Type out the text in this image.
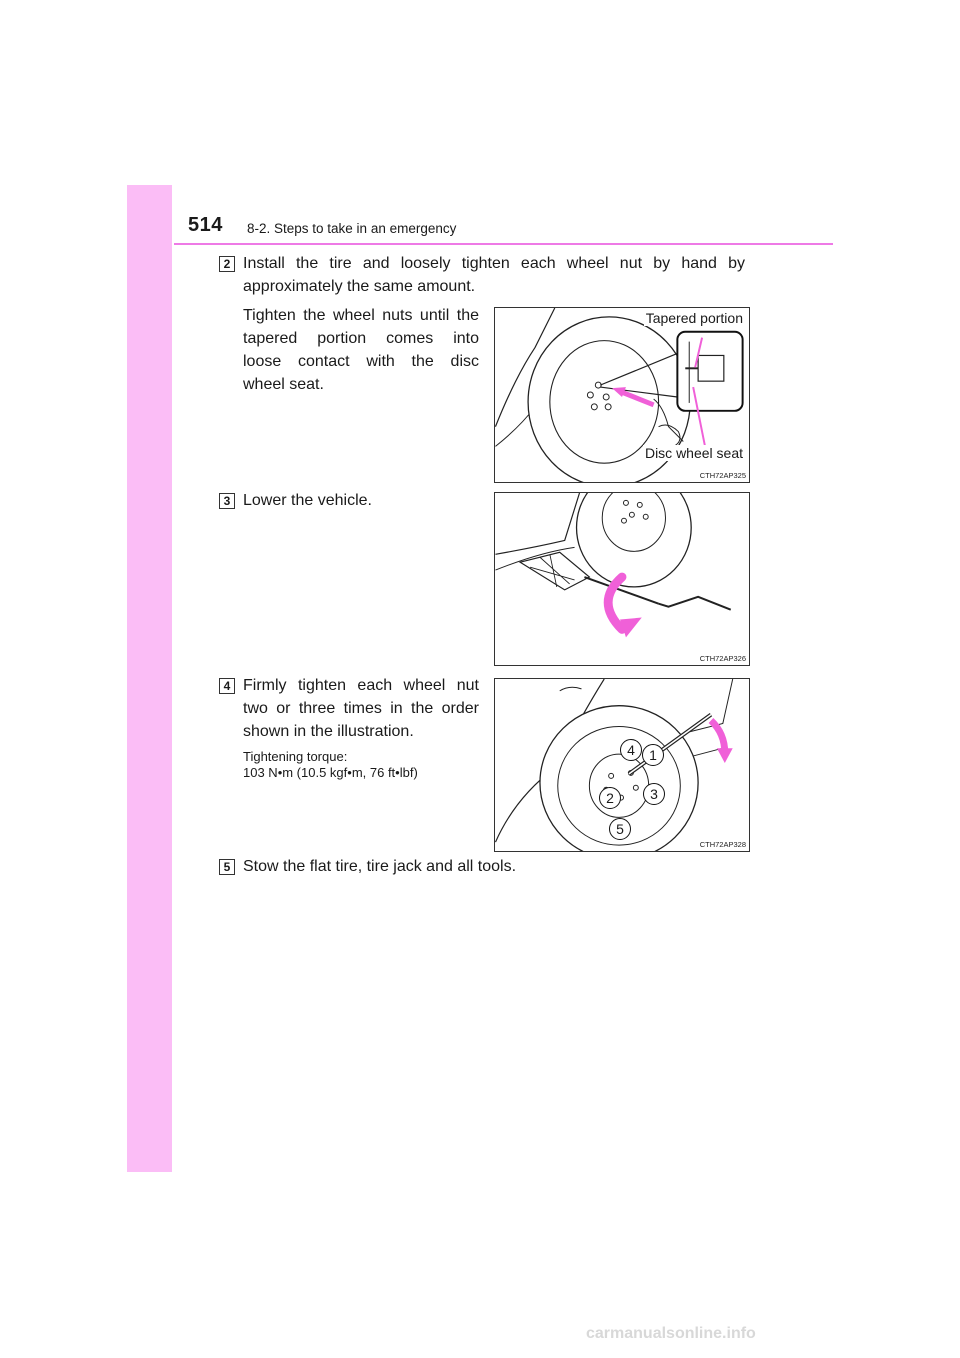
514 8-2. Steps to take in an emergency
2 Install the tire and loosely tighten each wheel nut by hand by
approximately the same amount.
Tighten the wheel nuts until the
tapered portion comes into
loose contact with the disc
wheel seat.
Tapered portion
Disc wheel seat
CTH72AP325
3 Lower the vehicle.
CTH72AP326
4 Firmly tighten each wheel nut
two or three times in the order
shown in the illustration.
Tightening torque:
103 N•m (10.5 kgf•m, 76 ft•lbf)
1
2	3
4
5
CTH72AP328
5 Stow the flat tire, tire jack and all tools.
carmanualsonline.info
